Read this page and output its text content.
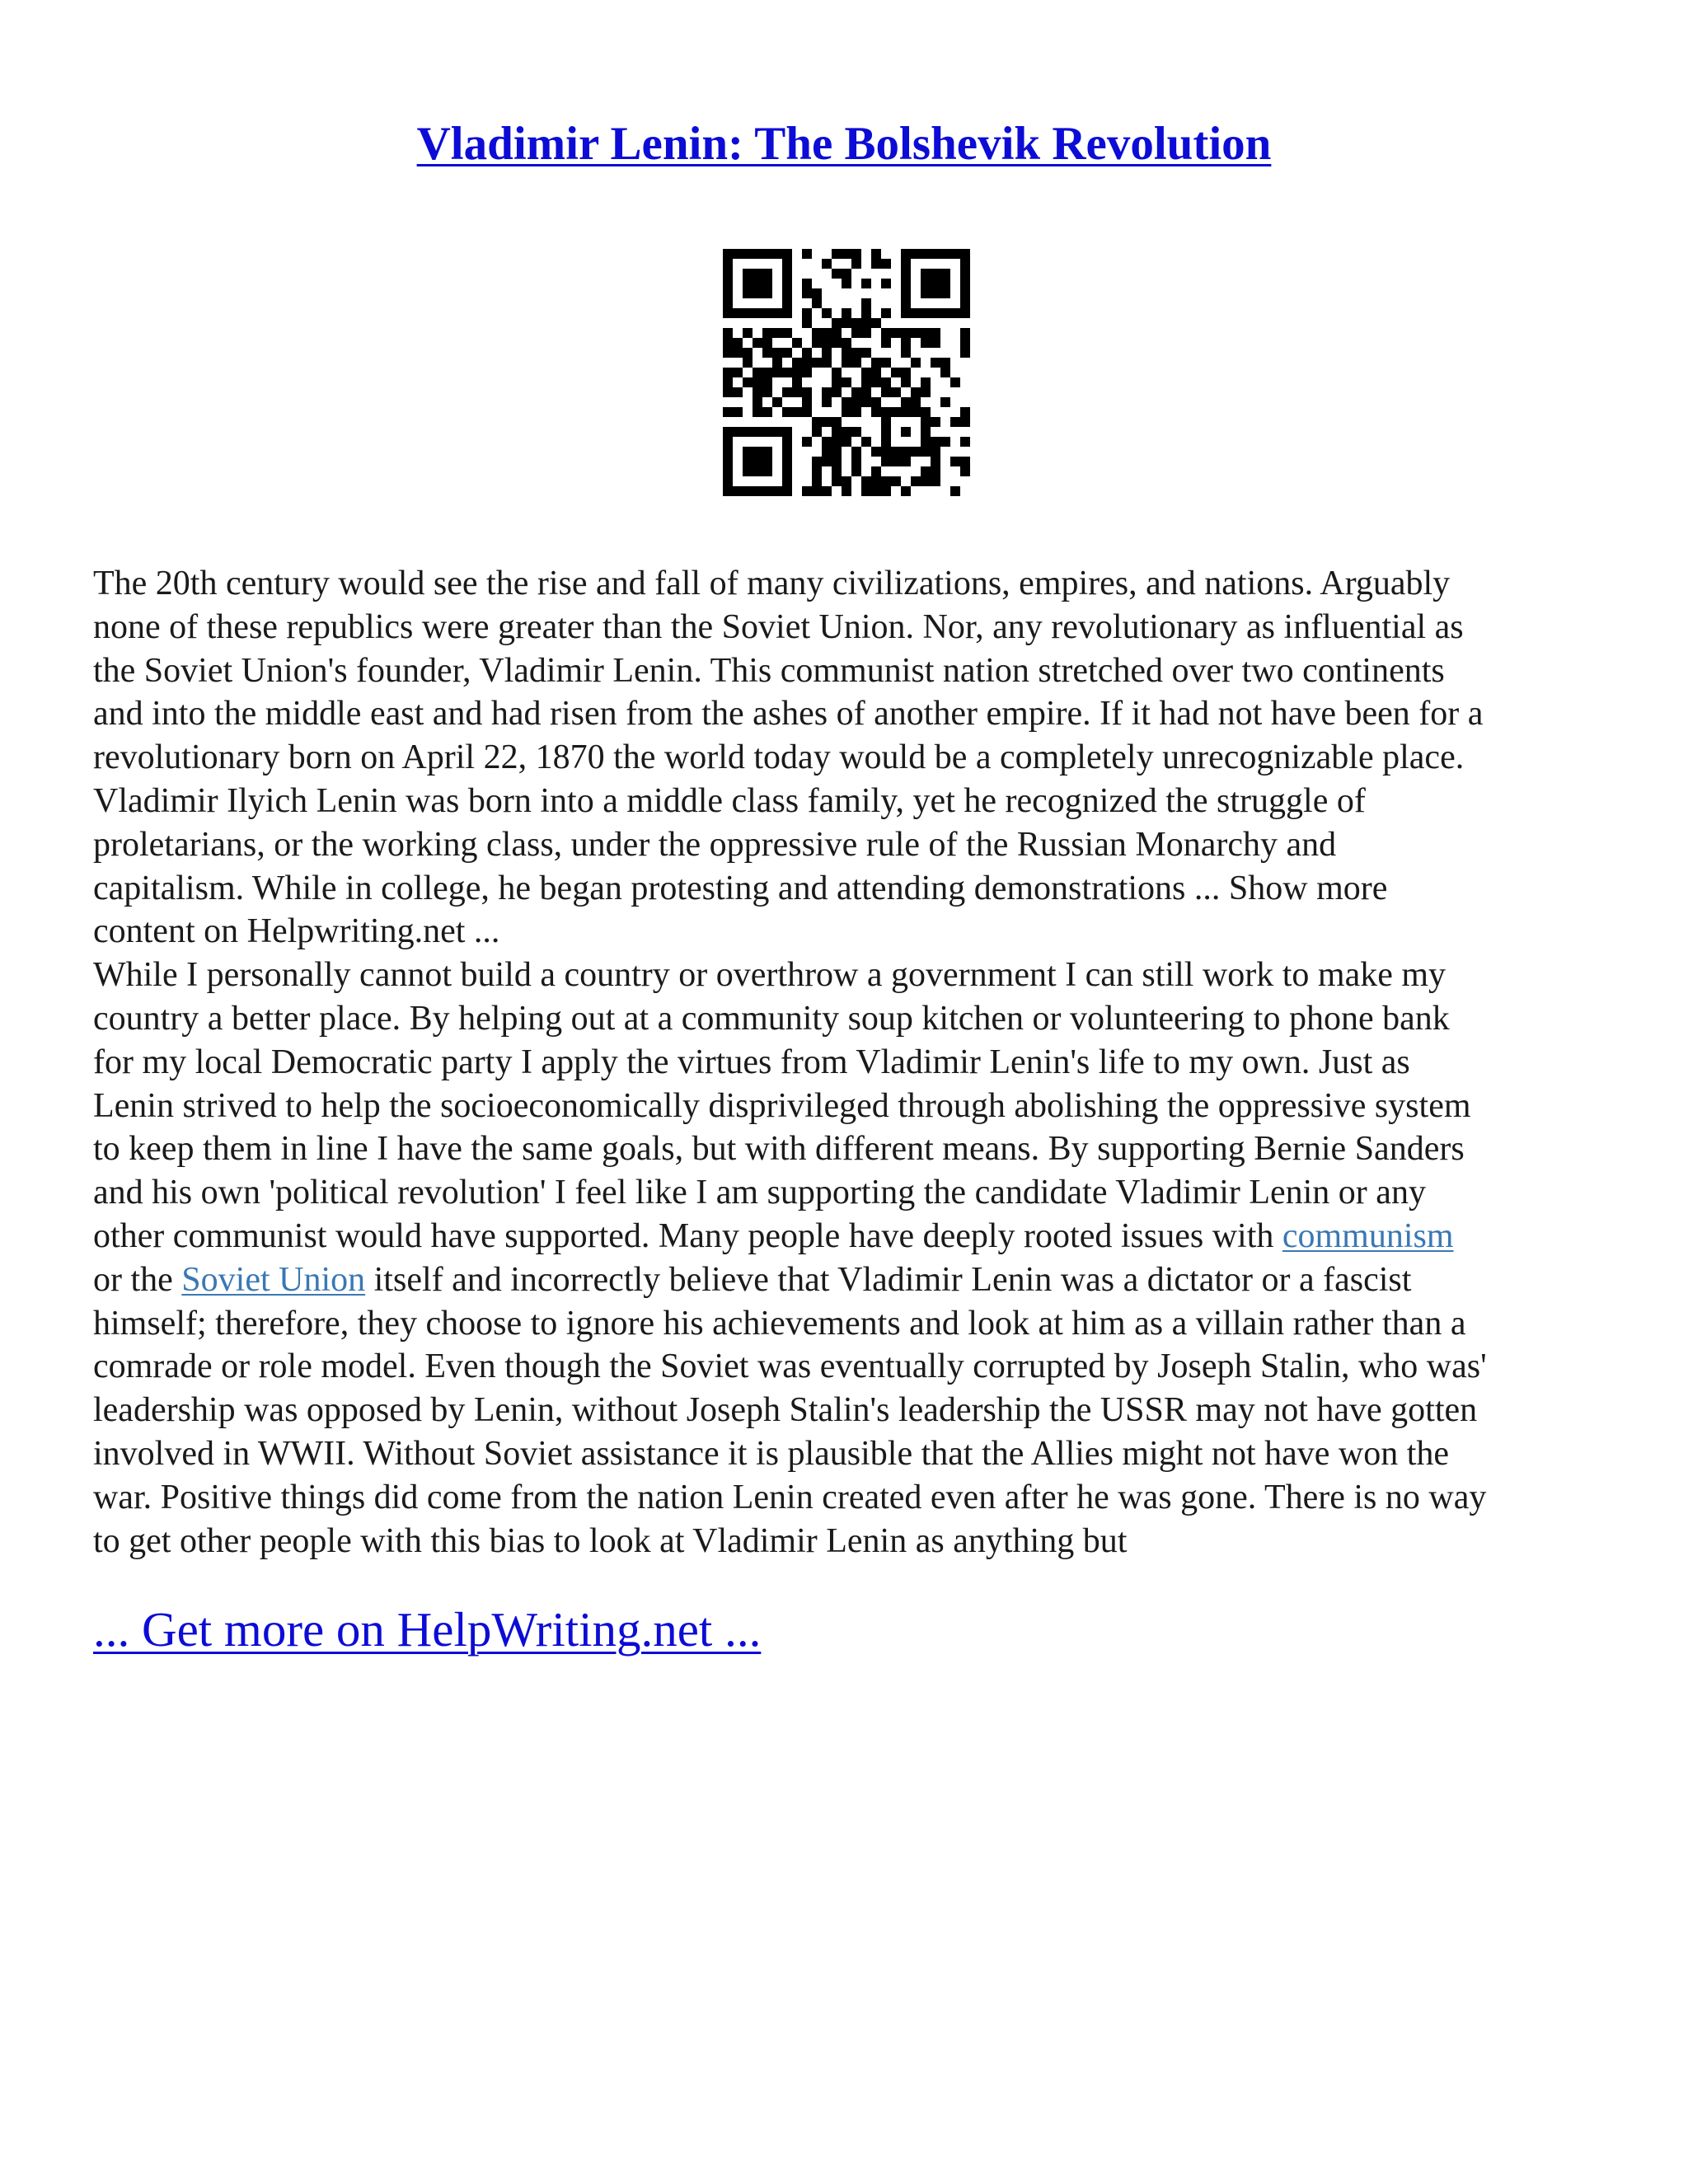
Vladimir Lenin: The Bolshevik Revolution

The 20th century would see the rise and fall of many civilizations, empires, and nations. Arguably

none of these republics were greater than the Soviet Union. Nor, any revolutionary as influential as

the Soviet Union's founder, Vladimir Lenin. This communist nation stretched over two continents

and into the middle east and had risen from the ashes of another empire. If it had not have been for a

revolutionary born on April 22, 1870 the world today would be a completely unrecognizable place.

Vladimir Ilyich Lenin was born into a middle class family, yet he recognized the struggle of

proletarians, or the working class, under the oppressive rule of the Russian Monarchy and

capitalism. While in college, he began protesting and attending demonstrations ... Show more

content on Helpwriting.net ...

While I personally cannot build a country or overthrow a government I can still work to make my

country a better place. By helping out at a community soup kitchen or volunteering to phone bank

for my local Democratic party I apply the virtues from Vladimir Lenin's life to my own. Just as

Lenin strived to help the socioeconomically disprivileged through abolishing the oppressive system

to keep them in line I have the same goals, but with different means. By supporting Bernie Sanders

and his own 'political revolution' I feel like I am supporting the candidate Vladimir Lenin or any

other communist would have supported. Many people have deeply rooted issues with communism

or the Soviet Union itself and incorrectly believe that Vladimir Lenin was a dictator or a fascist

himself; therefore, they choose to ignore his achievements and look at him as a villain rather than a

comrade or role model. Even though the Soviet was eventually corrupted by Joseph Stalin, who was'

leadership was opposed by Lenin, without Joseph Stalin's leadership the USSR may not have gotten

involved in WWII. Without Soviet assistance it is plausible that the Allies might not have won the

war. Positive things did come from the nation Lenin created even after he was gone. There is no way

to get other people with this bias to look at Vladimir Lenin as anything but

... Get more on HelpWriting.net ...
